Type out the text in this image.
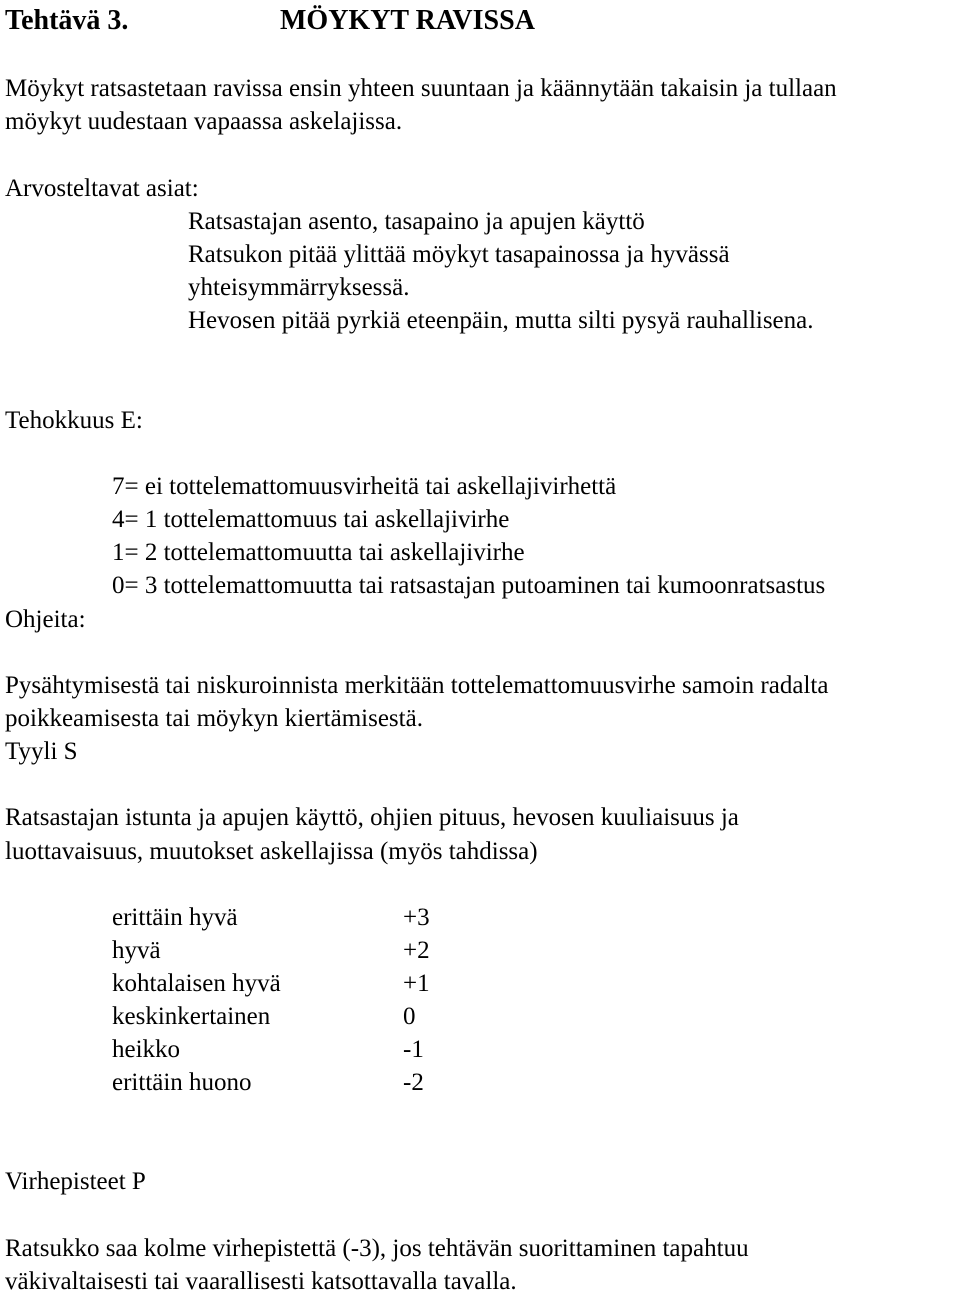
Tehtävä 3.	MÖYKYT RAVISSA
Möykyt ratsastetaan ravissa ensin yhteen suuntaan ja käännytään takaisin ja tullaan
möykyt uudestaan vapaassa askelajissa.
Arvosteltavat asiat:
Ratsastajan asento, tasapaino ja apujen käyttö
Ratsukon pitää ylittää möykyt tasapainossa ja hyvässä
yhteisymmärryksessä.
Hevosen pitää pyrkiä eteenpäin, mutta silti pysyä rauhallisena.
Tehokkuus E:
7= ei tottelemattomuusvirheitä tai askellajivirhettä
4= 1 tottelemattomuus tai askellajivirhe
1= 2 tottelemattomuutta tai askellajivirhe
0= 3 tottelemattomuutta tai ratsastajan putoaminen tai kumoonratsastus
Ohjeita:
Pysähtymisestä tai niskuroinnista merkitään tottelemattomuusvirhe samoin radalta
poikkeamisesta tai möykyn kiertämisestä.
Tyyli S
Ratsastajan istunta ja apujen käyttö, ohjien pituus, hevosen kuuliaisuus ja
luottavaisuus, muutokset askellajissa (myös tahdissa)
erittäin hyvä	+3
hyvä	+2
kohtalaisen hyvä	+1
keskinkertainen	0
heikko	-1
erittäin huono	-2
Virhepisteet P
Ratsukko saa kolme virhepistettä (-3), jos tehtävän suorittaminen tapahtuu
väkivaltaisesti tai vaarallisesti katsottavalla tavalla.
